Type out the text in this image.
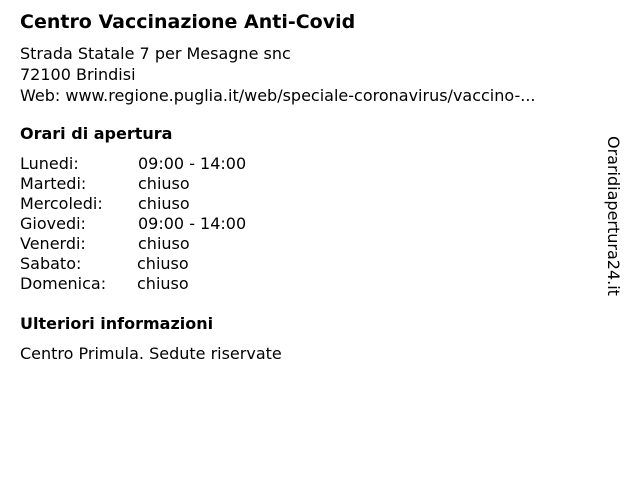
Centro Vaccinazione Anti-Covid
Strada Statale 7 per Mesagne snc
72100 Brindisi
Web: www.regione.puglia.it/web/speciale-coronavirus/vaccino-...
Orari di apertura
Lunedi:	09:00 - 14:00
Martedi:	chiuso
Mercoledi: chiuso
Giovedi:	09:00 - 14:00
Venerdi:	chiuso
Sabato:	chiuso
Domenica: chiuso
Ulteriori informazioni
Centro Primula. Sedute riservate
Oraridiapertura24.it
